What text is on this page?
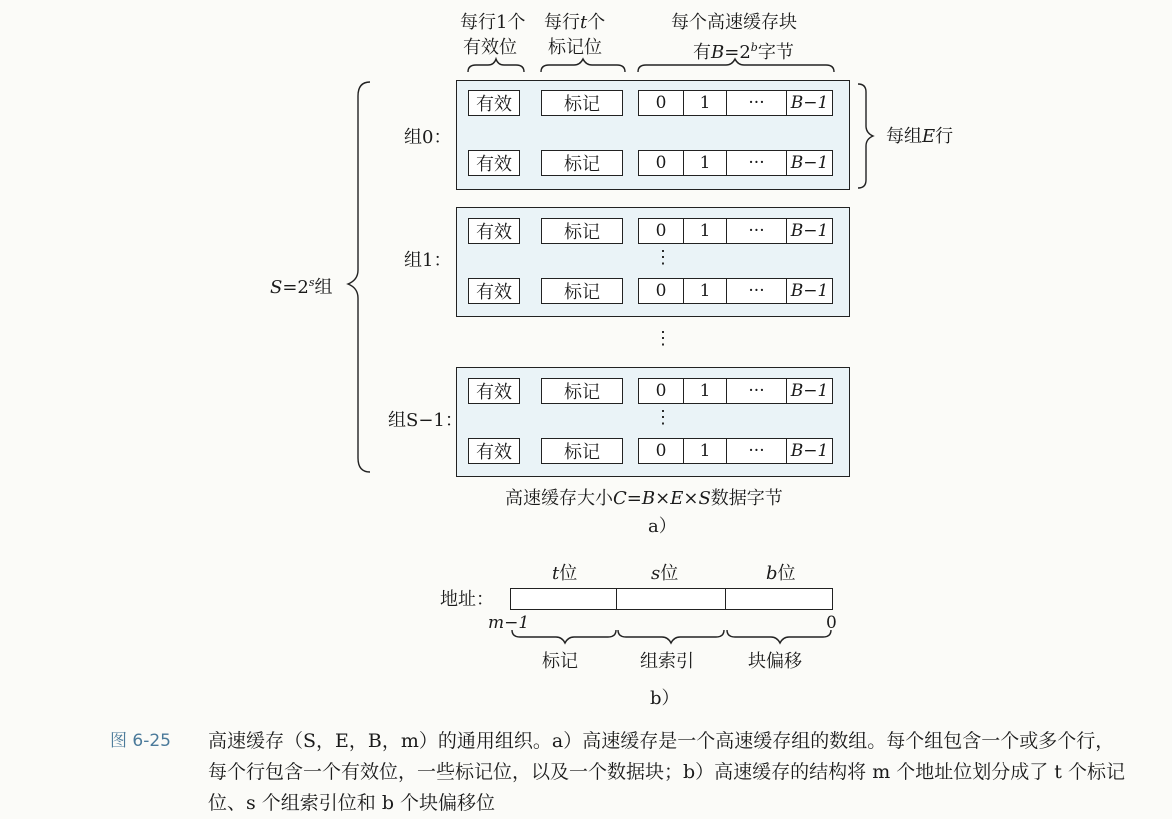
每行1个
有效位
每行t个
标记位
每个高速缓存块
有$B=2^b$字节
有效	标记	0	1	···	B−1
有效	标记	0	1	···	B−1
有效	标记	0	1	···	B−1
⋮
有效	标记	0	1	···	B−1
⋮
有效	标记	0	1	···	B−1
⋮
有效	标记	0	1	···	B−1
组0：
组1：
组S−1：
每组E行
$S=2^s$组
高速缓存大小C=B×E×S数据字节
a）
t位	s位	b位
地址：
m−1	0
标记	组索引	块偏移
b）
图 6-25 高速缓存（S，E，B，m）的通用组织。a）高速缓存是一个高速缓存组的数组。每个组包含一个或多个行，每个行包含一个有效位，一些标记位，以及一个数据块；b）高速缓存的结构将 m 个地址位划分成了 t 个标记位、s 个组索引位和 b 个块偏移位
